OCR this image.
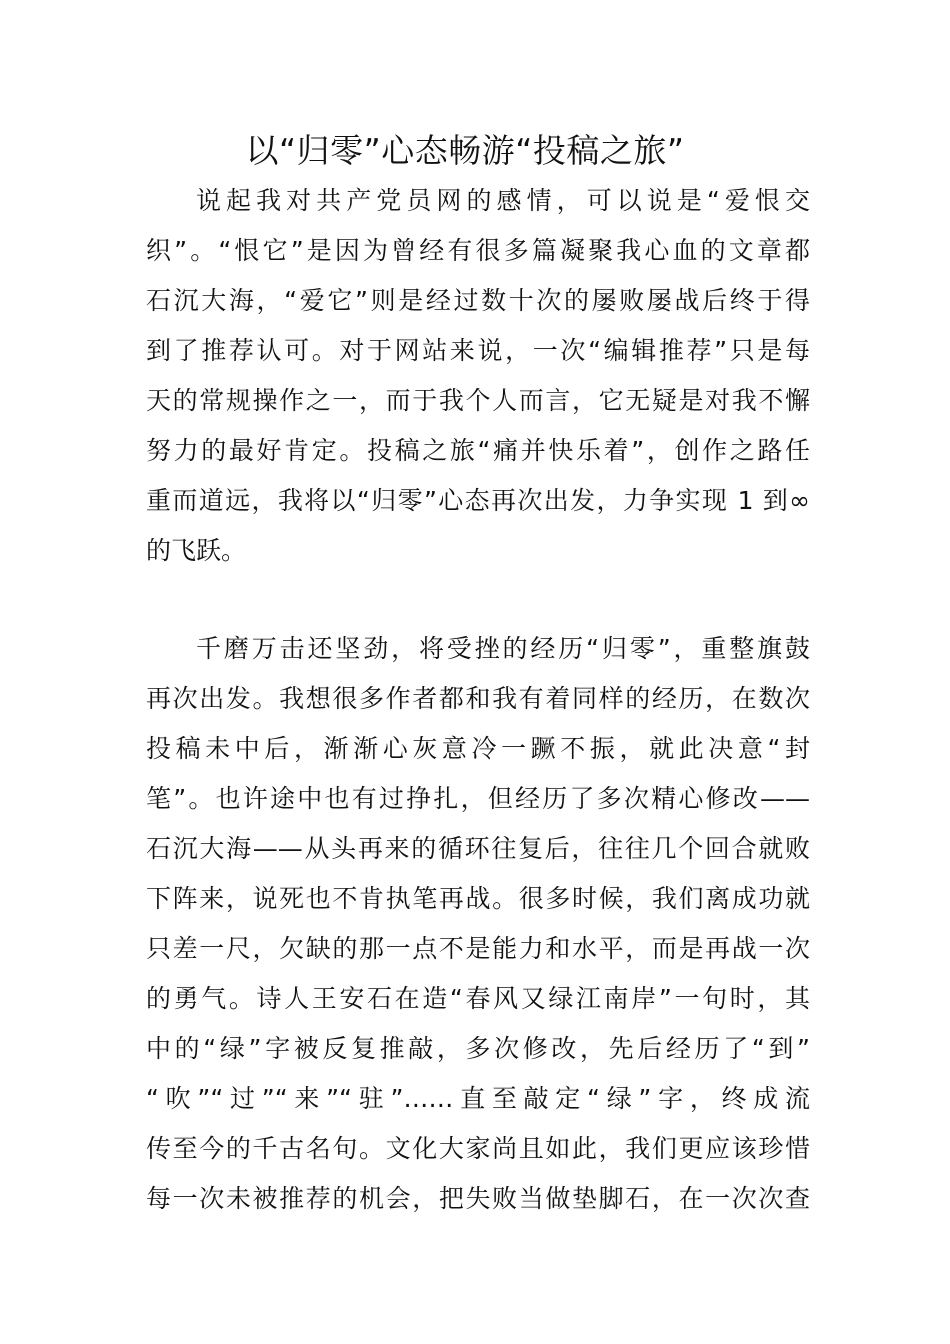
以“归零”心态畅游“投稿之旅”
说起我对共产党员网的感情，可以说是“爱恨交
织”。“恨它”是因为曾经有很多篇凝聚我心血的文章都
石沉大海，“爱它”则是经过数十次的屡败屡战后终于得
到了推荐认可。对于网站来说，一次“编辑推荐”只是每
天的常规操作之一，而于我个人而言，它无疑是对我不懈
努力的最好肯定。投稿之旅“痛并快乐着”，创作之路任
重而道远，我将以“归零”心态再次出发，力争实现 1 到∞
的飞跃。
千磨万击还坚劲，将受挫的经历“归零”，重整旗鼓
再次出发。我想很多作者都和我有着同样的经历，在数次
投稿未中后，渐渐心灰意冷一蹶不振，就此决意“封
笔”。也许途中也有过挣扎，但经历了多次精心修改——
石沉大海——从头再来的循环往复后，往往几个回合就败
下阵来，说死也不肯执笔再战。很多时候，我们离成功就
只差一尺，欠缺的那一点不是能力和水平，而是再战一次
的勇气。诗人王安石在造“春风又绿江南岸”一句时，其
中的“绿”字被反复推敲，多次修改，先后经历了“到”
“吹”“过”“来”“驻”……直至敲定“绿”字，终成流
传至今的千古名句。文化大家尚且如此，我们更应该珍惜
每一次未被推荐的机会，把失败当做垫脚石，在一次次查
